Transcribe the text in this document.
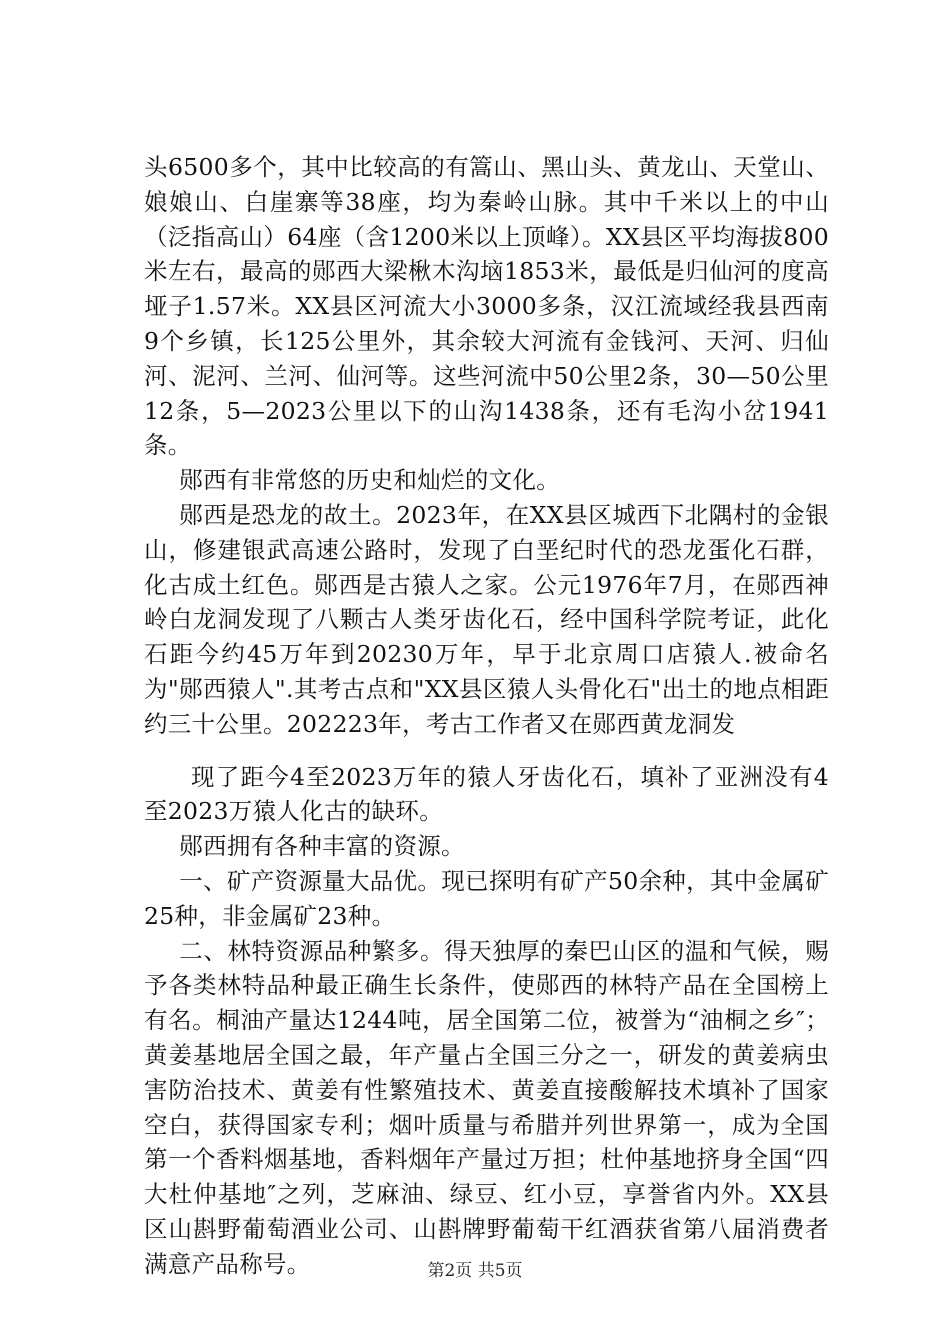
头6500多个，其中比较高的有篙山、黑山头、黄龙山、天堂山、娘娘山、白崖寨等38座，均为秦岭山脉。其中千米以上的中山（泛指高山）64座（含1200米以上顶峰）。XX县区平均海拔800米左右，最高的郧西大梁楸木沟垴1853米，最低是归仙河的度高垭子1.57米。XX县区河流大小3000多条，汉江流域经我县西南9个乡镇，长125公里外，其余较大河流有金钱河、天河、归仙河、泥河、兰河、仙河等。这些河流中50公里2条，30—50公里12条，5—2023公里以下的山沟1438条，还有毛沟小岔1941条。

郧西有非常悠的历史和灿烂的文化。

郧西是恐龙的故土。2023年，在XX县区城西下北隅村的金银山，修建银武高速公路时，发现了白垩纪时代的恐龙蛋化石群，化古成土红色。郧西是古猿人之家。公元1976年7月，在郧西神岭白龙洞发现了八颗古人类牙齿化石，经中国科学院考证，此化石距今约45万年到20230万年，早于北京周口店猿人.被命名为"郧西猿人".其考古点和"XX县区猿人头骨化石"出土的地点相距约三十公里。202223年，考古工作者又在郧西黄龙洞发

现了距今4至2023万年的猿人牙齿化石，填补了亚洲没有4至2023万猿人化古的缺环。

郧西拥有各种丰富的资源。

一、矿产资源量大品优。现已探明有矿产50余种，其中金属矿25种，非金属矿23种。

二、林特资源品种繁多。得天独厚的秦巴山区的温和气候，赐予各类林特品种最正确生长条件，使郧西的林特产品在全国榜上有名。桐油产量达1244吨，居全国第二位，被誉为“油桐之乡″；黄姜基地居全国之最，年产量占全国三分之一，研发的黄姜病虫害防治技术、黄姜有性繁殖技术、黄姜直接酸解技术填补了国家空白，获得国家专利；烟叶质量与希腊并列世界第一，成为全国第一个香料烟基地，香料烟年产量过万担；杜仲基地挤身全国“四大杜仲基地″之列，芝麻油、绿豆、红小豆，享誉省内外。XX县区山斟野葡萄酒业公司、山斟牌野葡萄干红酒获省第八届消费者满意产品称号。	第2页 共5页
